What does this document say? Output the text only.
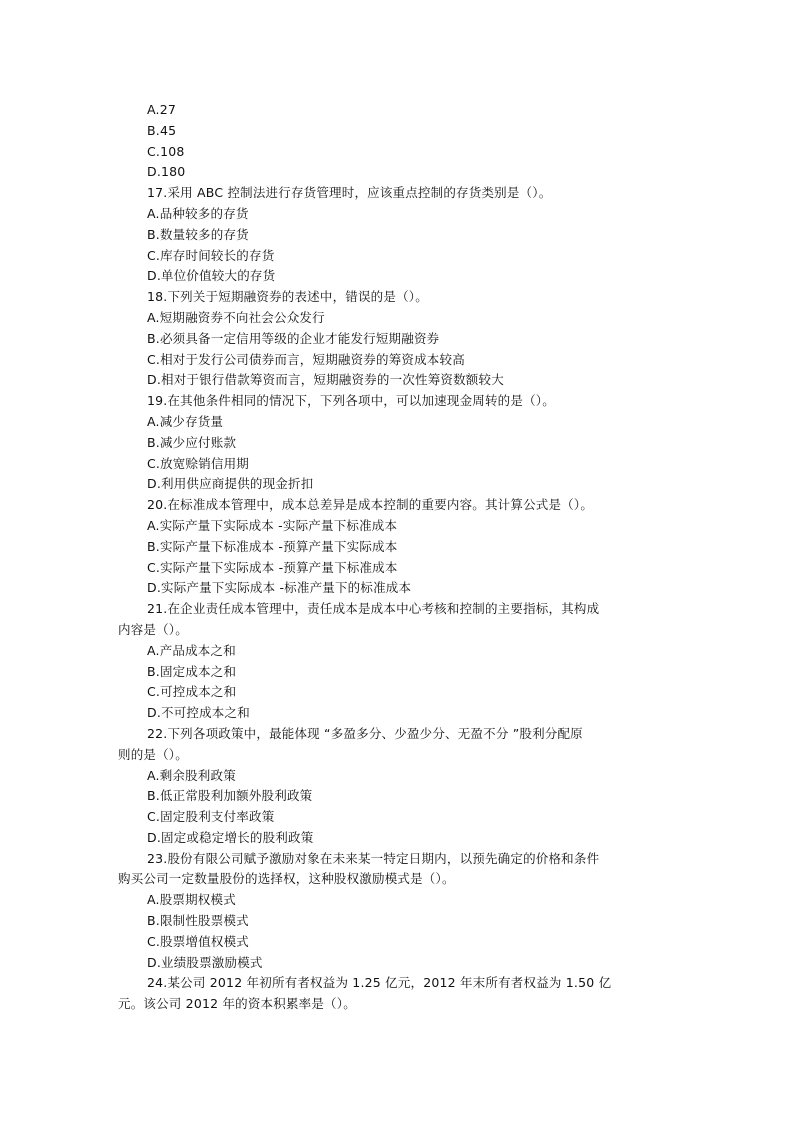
A.27
B.45
C.108
D.180
17.采用 ABC 控制法进行存货管理时，应该重点控制的存货类别是（）。
A.品种较多的存货
B.数量较多的存货
C.库存时间较长的存货
D.单位价值较大的存货
18.下列关于短期融资券的表述中，错误的是（）。
A.短期融资券不向社会公众发行
B.必须具备一定信用等级的企业才能发行短期融资券
C.相对于发行公司债券而言，短期融资券的筹资成本较高
D.相对于银行借款筹资而言，短期融资券的一次性筹资数额较大
19.在其他条件相同的情况下，下列各项中，可以加速现金周转的是（）。
A.减少存货量
B.减少应付账款
C.放宽赊销信用期
D.利用供应商提供的现金折扣
20.在标准成本管理中，成本总差异是成本控制的重要内容。其计算公式是（）。
A.实际产量下实际成本 -实际产量下标准成本
B.实际产量下标准成本 -预算产量下实际成本
C.实际产量下实际成本 -预算产量下标准成本
D.实际产量下实际成本 -标准产量下的标准成本
21.在企业责任成本管理中，责任成本是成本中心考核和控制的主要指标，其构成
内容是（）。
A.产品成本之和
B.固定成本之和
C.可控成本之和
D.不可控成本之和
22.下列各项政策中，最能体现 “多盈多分、少盈少分、无盈不分 ”股利分配原
则的是（）。
A.剩余股利政策
B.低正常股利加额外股利政策
C.固定股利支付率政策
D.固定或稳定增长的股利政策
23.股份有限公司赋予激励对象在未来某一特定日期内，以预先确定的价格和条件
购买公司一定数量股份的选择权，这种股权激励模式是（）。
A.股票期权模式
B.限制性股票模式
C.股票增值权模式
D.业绩股票激励模式
24.某公司 2012 年初所有者权益为 1.25 亿元，2012 年末所有者权益为 1.50 亿
元。该公司 2012 年的资本积累率是（）。
